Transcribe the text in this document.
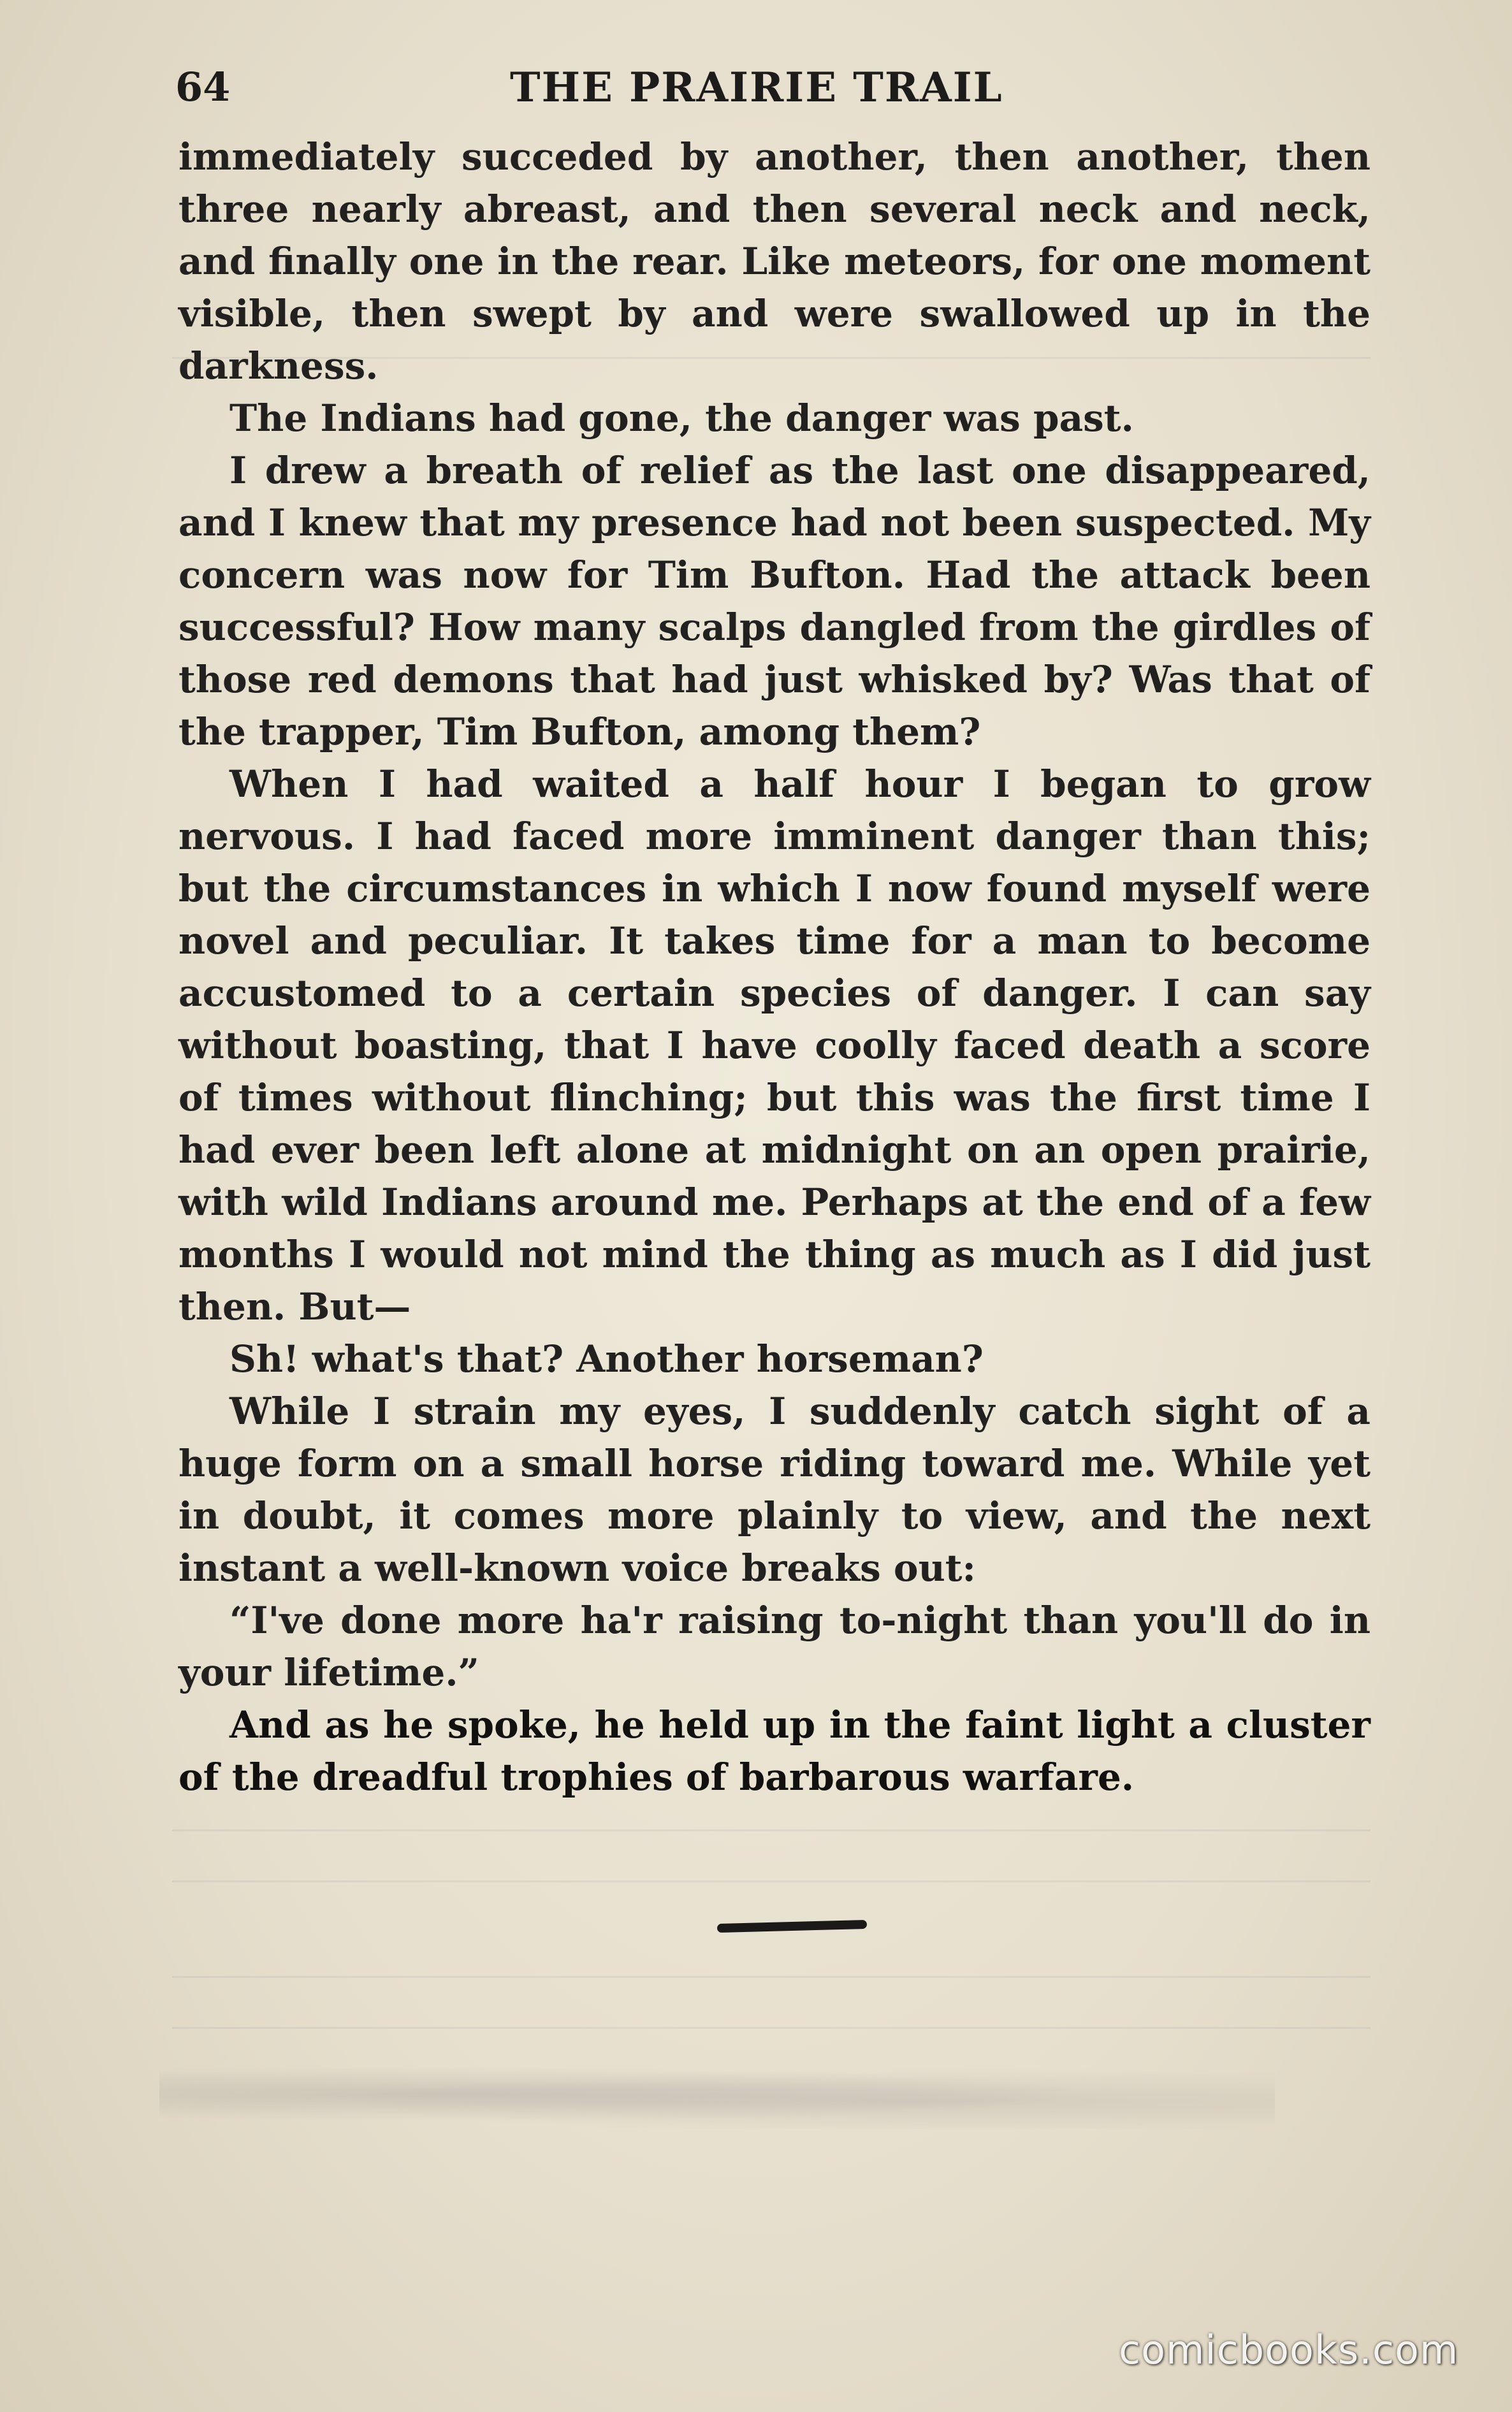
64	THE PRAIRIE TRAIL

immediately succeded by another, then another, then three nearly abreast, and then several neck and neck, and finally one in the rear. Like meteors, for one moment visible, then swept by and were swallowed up in the darkness.

The Indians had gone, the danger was past.

I drew a breath of relief as the last one disappeared, and I knew that my presence had not been suspected. My concern was now for Tim Bufton. Had the attack been successful? How many scalps dangled from the girdles of those red demons that had just whisked by? Was that of the trapper, Tim Bufton, among them?

When I had waited a half hour I began to grow nervous. I had faced more imminent danger than this; but the circumstances in which I now found myself were novel and peculiar. It takes time for a man to become accustomed to a certain species of danger. I can say without boasting, that I have coolly faced death a score of times without flinching; but this was the first time I had ever been left alone at midnight on an open prairie, with wild Indians around me. Perhaps at the end of a few months I would not mind the thing as much as I did just then. But—

Sh! what's that? Another horseman?

While I strain my eyes, I suddenly catch sight of a huge form on a small horse riding toward me. While yet in doubt, it comes more plainly to view, and the next instant a well-known voice breaks out:

“I've done more ha'r raising to-night than you'll do in your lifetime.”

And as he spoke, he held up in the faint light a cluster of the dreadful trophies of barbarous warfare.

comicbooks.com
